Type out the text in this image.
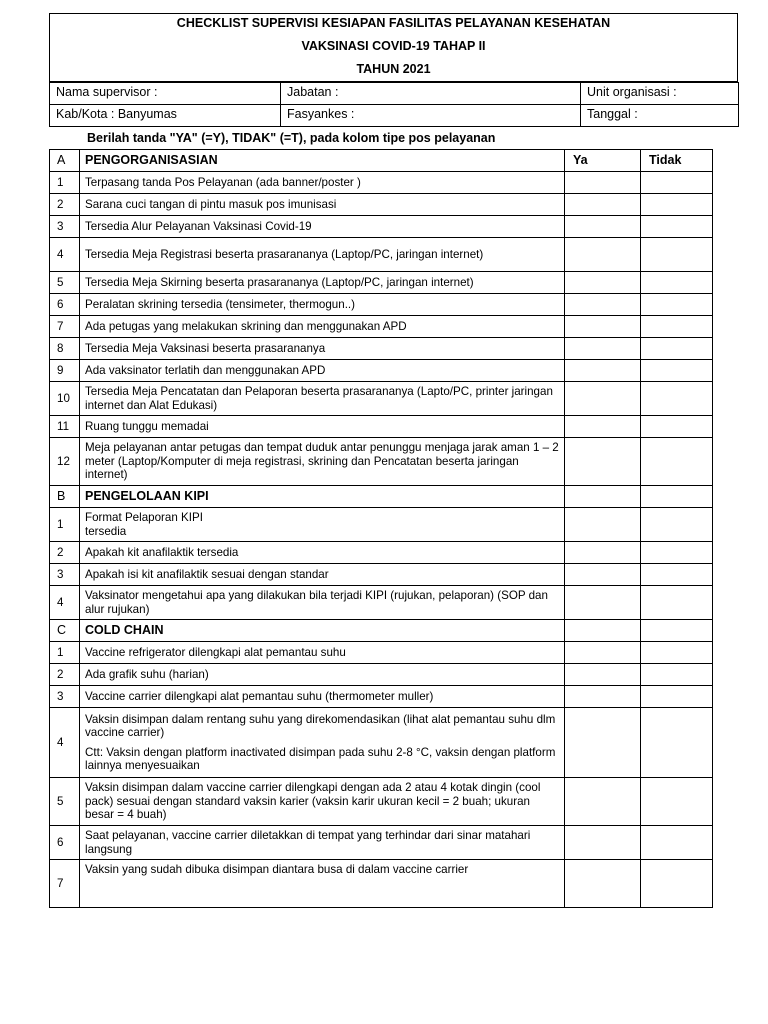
CHECKLIST SUPERVISI KESIAPAN FASILITAS PELAYANAN KESEHATAN
VAKSINASI COVID-19 TAHAP II
TAHUN 2021
Nama supervisor :	Jabatan :	Unit organisasi :
Kab/Kota : Banyumas	Fasyankes :	Tanggal :
Berilah tanda "YA" (=Y), TIDAK" (=T), pada kolom tipe pos pelayanan
A	PENGORGANISASIAN	Ya	Tidak
1	Terpasang tanda Pos Pelayanan (ada banner/poster )		
2	Sarana cuci tangan di pintu masuk pos imunisasi		
3	Tersedia Alur Pelayanan Vaksinasi Covid-19		
4	Tersedia Meja Registrasi beserta prasarananya (Laptop/PC, jaringan internet)		
5	Tersedia Meja Skirning beserta prasarananya (Laptop/PC, jaringan internet)		
6	Peralatan skrining tersedia (tensimeter, thermogun..)		
7	Ada petugas yang melakukan skrining dan menggunakan APD		
8	Tersedia Meja Vaksinasi beserta prasarananya		
9	Ada vaksinator terlatih dan menggunakan APD		
10	Tersedia Meja Pencatatan dan Pelaporan beserta prasarananya (Lapto/PC, printer jaringan internet dan Alat Edukasi)		
11	Ruang tunggu memadai		
12	Meja pelayanan antar petugas dan tempat duduk antar penunggu menjaga jarak aman 1 – 2 meter (Laptop/Komputer di meja registrasi, skrining dan Pencatatan beserta jaringan internet)		
B	PENGELOLAAN KIPI		
1	Format Pelaporan KIPI
tersedia		
2	Apakah kit anafilaktik tersedia		
3	Apakah isi kit anafilaktik sesuai dengan standar		
4	Vaksinator mengetahui apa yang dilakukan bila terjadi KIPI (rujukan, pelaporan) (SOP dan alur rujukan)		
C	COLD CHAIN		
1	Vaccine refrigerator dilengkapi alat pemantau suhu		
2	Ada grafik suhu (harian)		
3	Vaccine carrier dilengkapi alat pemantau suhu (thermometer muller)		
4	Vaksin disimpan dalam rentang suhu yang direkomendasikan (lihat alat pemantau suhu dlm vaccine carrier)
Ctt: Vaksin dengan platform inactivated disimpan pada suhu 2-8 °C, vaksin dengan platform lainnya menyesuaikan		

5	Vaksin disimpan dalam vaccine carrier dilengkapi dengan ada 2 atau 4 kotak dingin (cool pack) sesuai dengan standard vaksin karier (vaksin karir ukuran kecil = 2 buah; ukuran besar = 4 buah)		
6	Saat pelayanan, vaccine carrier diletakkan di tempat yang terhindar dari sinar matahari langsung		
7	Vaksin yang sudah dibuka disimpan diantara busa di dalam vaccine carrier		
